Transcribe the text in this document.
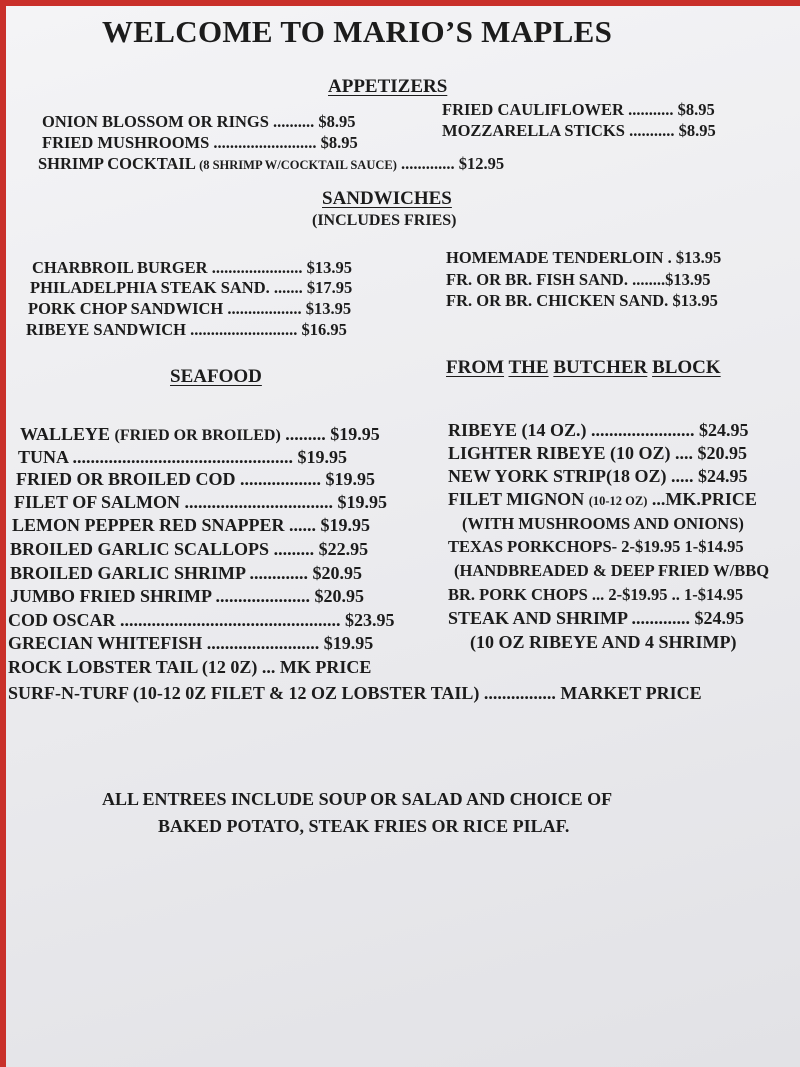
WELCOME TO MARIO’S MAPLES
APPETIZERS
ONION BLOSSOM OR RINGS .......... $8.95
FRIED MUSHROOMS ......................... $8.95
SHRIMP COCKTAIL (8 SHRIMP W/COCKTAIL SAUCE) ............. $12.95
FRIED CAULIFLOWER ........... $8.95
MOZZARELLA STICKS ........... $8.95
SANDWICHES
(INCLUDES FRIES)
CHARBROIL BURGER ...................... $13.95
PHILADELPHIA STEAK SAND. ....... $17.95
PORK CHOP SANDWICH .................. $13.95
RIBEYE SANDWICH .......................... $16.95
HOMEMADE TENDERLOIN . $13.95
FR. OR BR. FISH SAND. ........$13.95
FR. OR BR. CHICKEN SAND. $13.95
SEAFOOD
WALLEYE (FRIED OR BROILED) ......... $19.95
TUNA ................................................. $19.95
FRIED OR BROILED COD .................. $19.95
FILET OF SALMON ................................. $19.95
LEMON PEPPER RED SNAPPER ...... $19.95
BROILED GARLIC SCALLOPS ......... $22.95
BROILED GARLIC SHRIMP ............. $20.95
JUMBO FRIED SHRIMP ..................... $20.95
COD OSCAR ................................................. $23.95
GRECIAN WHITEFISH ......................... $19.95
ROCK LOBSTER TAIL (12 0Z) ... MK PRICE
SURF-N-TURF (10-12 0Z FILET & 12 OZ LOBSTER TAIL) ................ MARKET PRICE
FROM THE BUTCHER BLOCK
RIBEYE (14 OZ.) ....................... $24.95
LIGHTER RIBEYE (10 OZ) .... $20.95
NEW YORK STRIP(18 OZ) ..... $24.95
FILET MIGNON (10-12 OZ) ...MK.PRICE
(WITH MUSHROOMS AND ONIONS)
TEXAS PORKCHOPS- 2-$19.95 1-$14.95
(HANDBREADED & DEEP FRIED W/BBQ
BR. PORK CHOPS ... 2-$19.95 .. 1-$14.95
STEAK AND SHRIMP ............. $24.95
(10 OZ RIBEYE AND 4 SHRIMP)
ALL ENTREES INCLUDE SOUP OR SALAD AND CHOICE OF
BAKED POTATO, STEAK FRIES OR RICE PILAF.
